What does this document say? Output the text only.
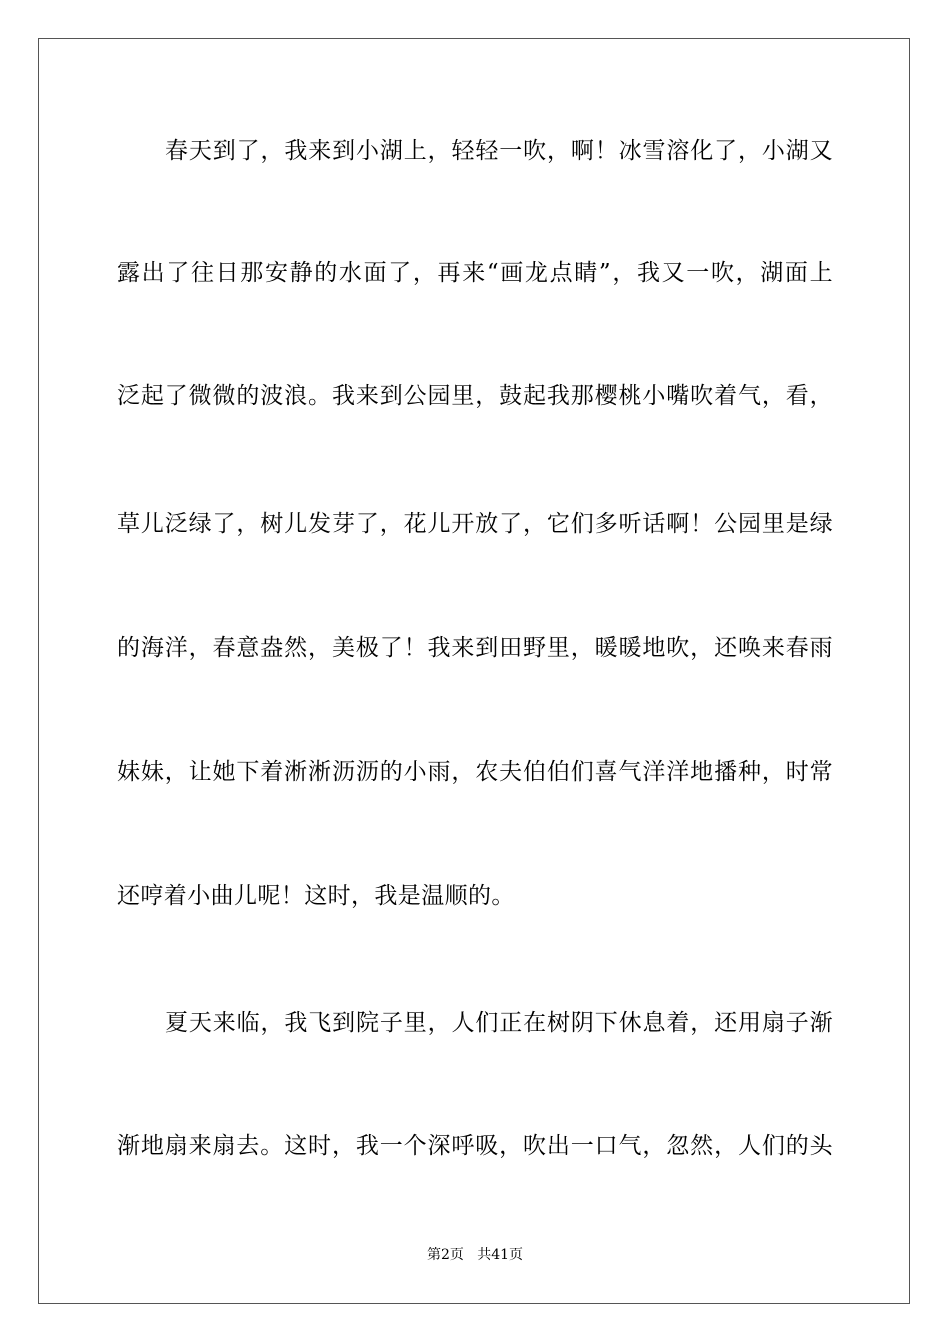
春天到了，我来到小湖上，轻轻一吹，啊！冰雪溶化了，小湖又
露出了往日那安静的水面了，再来“画龙点睛”，我又一吹，湖面上
泛起了微微的波浪。我来到公园里，鼓起我那樱桃小嘴吹着气，看，
草儿泛绿了，树儿发芽了，花儿开放了，它们多听话啊！公园里是绿
的海洋，春意盎然，美极了！我来到田野里，暖暖地吹，还唤来春雨
妹妹，让她下着淅淅沥沥的小雨，农夫伯伯们喜气洋洋地播种，时常
还哼着小曲儿呢！这时，我是温顺的。
夏天来临，我飞到院子里，人们正在树阴下休息着，还用扇子渐
渐地扇来扇去。这时，我一个深呼吸，吹出一口气，忽然，人们的头
第2页   共41页
